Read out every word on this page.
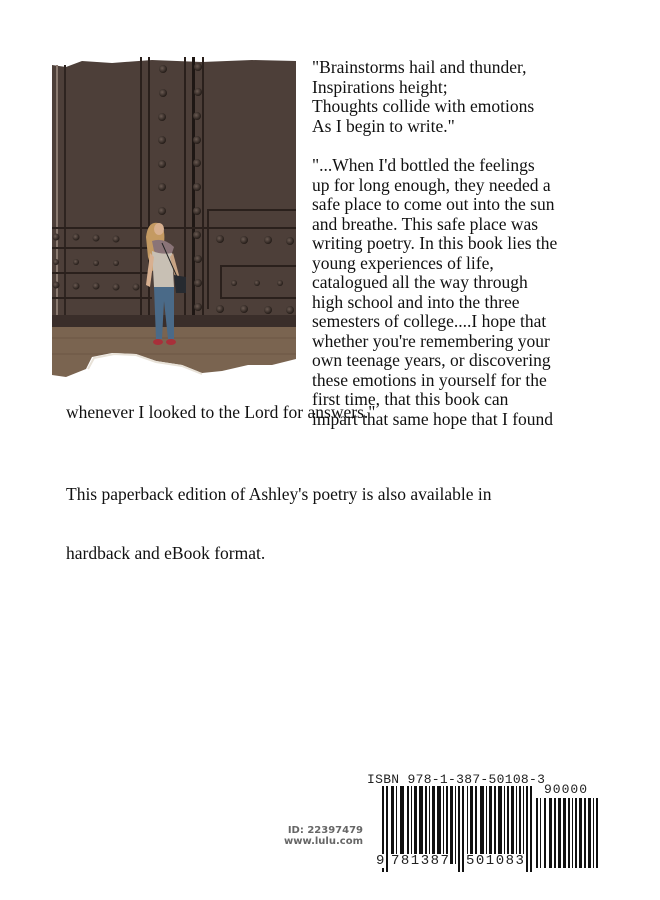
"Brainstorms hail and thunder,

Inspirations height;

Thoughts collide with emotions

As I begin to write."

"...When I'd bottled the feelings

up for long enough, they needed a

safe place to come out into the sun

and breathe. This safe place was

writing poetry. In this book lies the

young experiences of life,

catalogued all the way through

high school and into the three

semesters of college....I hope that

whether you're remembering your

own teenage years, or discovering

these emotions in yourself for the

first time, that this book can

impart that same hope that I found

whenever I looked to the Lord for answers."

This paperback edition of Ashley's poetry is also available in

hardback and eBook format.

ID: 22397479
www.lulu.com
ISBN 978-1-387-50108-3
90000
9 781387 501083
